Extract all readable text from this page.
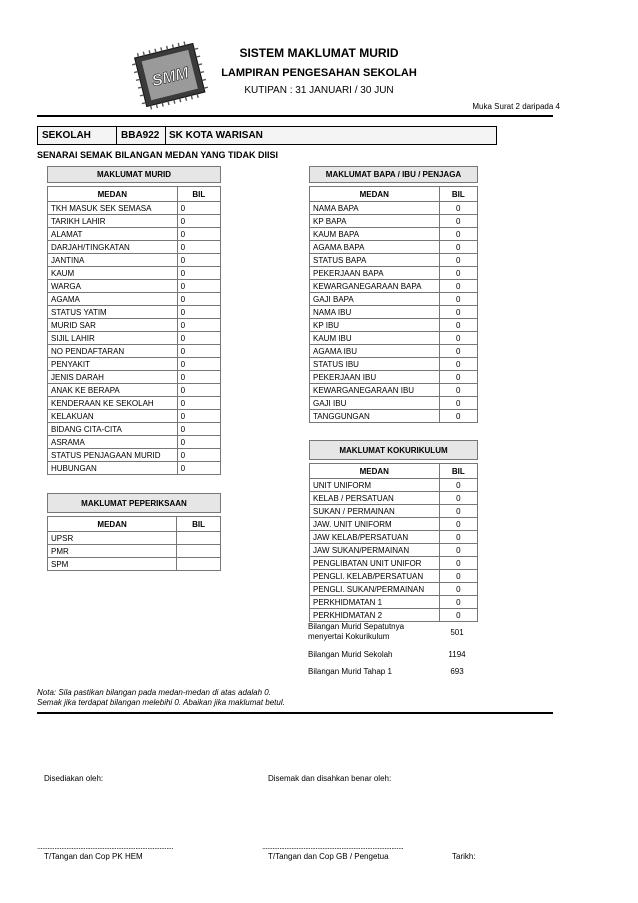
SMM
SISTEM MAKLUMAT MURID
LAMPIRAN PENGESAHAN SEKOLAH
KUTIPAN : 31 JANUARI / 30 JUN
Muka Surat 2 daripada 4
SEKOLAH	BBA922 SK KOTA WARISAN
SENARAI SEMAK BILANGAN MEDAN YANG TIDAK DIISI
MAKLUMAT MURID	

MEDAN	BIL
TKH MASUK SEK SEMASA	0
TARIKH LAHIR	0
ALAMAT	0
DARJAH/TINGKATAN	0
JANTINA	0
KAUM	0
WARGA	0
AGAMA	0
STATUS YATIM	0
MURID SAR	0
SIJIL LAHIR	0
NO PENDAFTARAN	0
PENYAKIT	0
JENIS DARAH	0
ANAK KE BERAPA	0
KENDERAAN KE SEKOLAH	0
KELAKUAN	0
BIDANG CITA-CITA	0
ASRAMA	0
STATUS PENJAGAAN MURID	0
HUBUNGAN	0
MAKLUMAT PEPERIKSAAN	

MEDAN	BIL
UPSR	
PMR	
SPM	
MAKLUMAT BAPA / IBU / PENJAGA	

MEDAN	BIL
NAMA BAPA	0
KP BAPA	0
KAUM BAPA	0
AGAMA BAPA	0
STATUS BAPA	0
PEKERJAAN BAPA	0
KEWARGANEGARAAN BAPA	0
GAJI BAPA	0
NAMA IBU	0
KP IBU	0
KAUM IBU	0
AGAMA IBU	0
STATUS IBU	0
PEKERJAAN IBU	0
KEWARGANEGARAAN IBU	0
GAJI IBU	0
TANGGUNGAN	0
MAKLUMAT KOKURIKULUM	

MEDAN	BIL
UNIT UNIFORM	0
KELAB / PERSATUAN	0
SUKAN / PERMAINAN	0
JAW. UNIT UNIFORM	0
JAW KELAB/PERSATUAN	0
JAW SUKAN/PERMAINAN	0
PENGLIBATAN UNIT UNIFOR	0
PENGLI. KELAB/PERSATUAN	0
PENGLI. SUKAN/PERMAINAN	0
PERKHIDMATAN 1	0
PERKHIDMATAN 2	0
Bilangan Murid Sepatutnya
menyertai Kokurikulum	501
Bilangan Murid Sekolah	1194
Bilangan Murid Tahap 1	693
Nota: Sila pastikan bilangan pada medan-medan di atas adalah 0.
Semak jika terdapat bilangan melebihi 0. Abaikan jika maklumat betul.
Disediakan oleh:	Disemak dan disahkan benar oleh:
...............................................................................	..................................................................................
T/Tangan dan Cop PK HEM	T/Tangan dan Cop GB / Pengetua	Tarikh:
